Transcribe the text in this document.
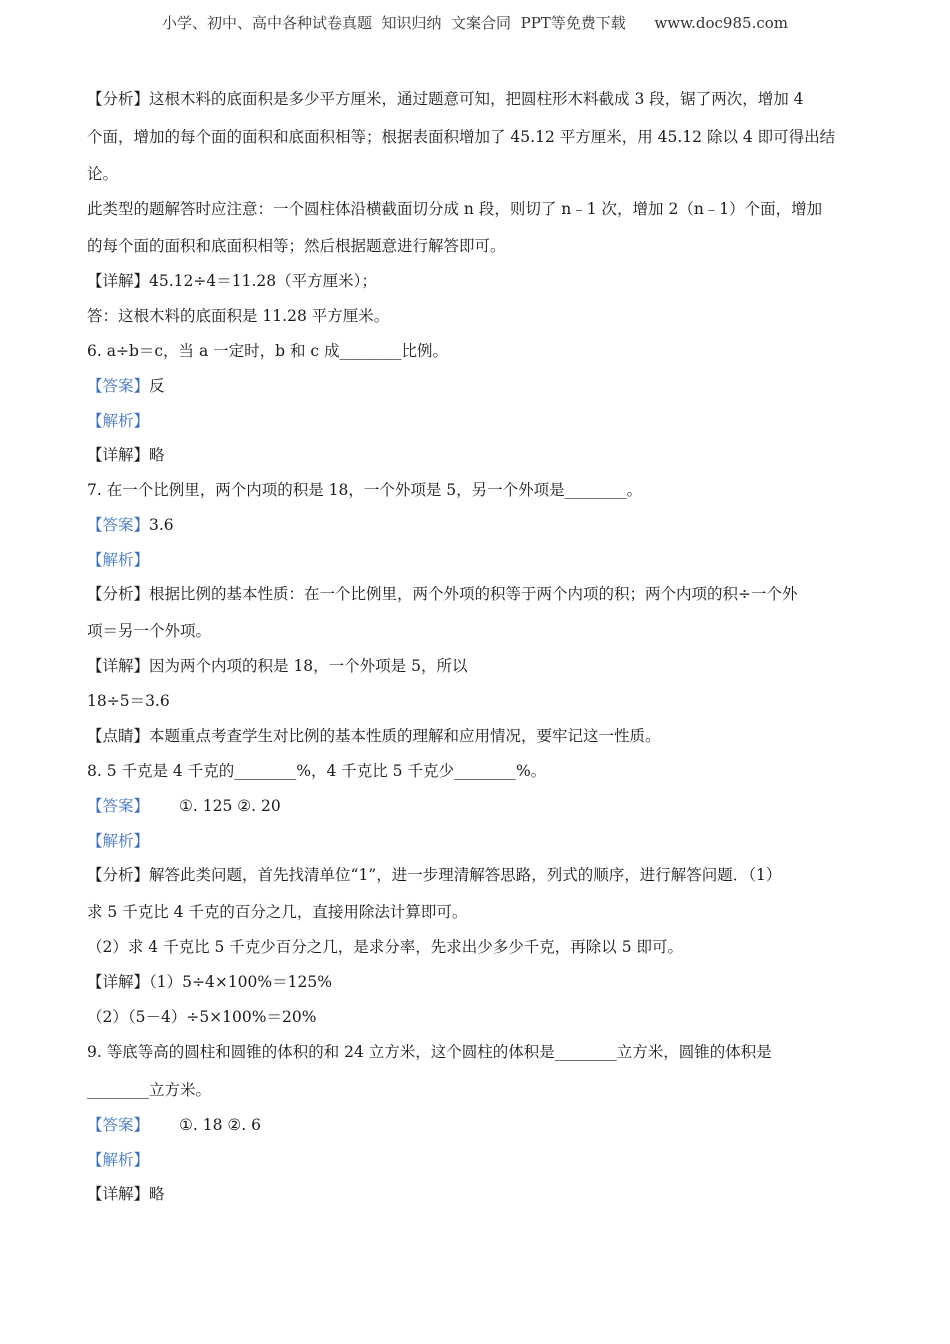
小学、初中、高中各种试卷真题  知识归纳  文案合同  PPT等免费下载      www.doc985.com
【分析】这根木料的底面积是多少平方厘米，通过题意可知，把圆柱形木料截成 3 段，锯了两次，增加 4
个面，增加的每个面的面积和底面积相等；根据表面积增加了 45.12 平方厘米，用 45.12 除以 4 即可得出结
论。
此类型的题解答时应注意：一个圆柱体沿横截面切分成 n 段，则切了 n﹣1 次，增加 2（n﹣1）个面，增加
的每个面的面积和底面积相等；然后根据题意进行解答即可。
【详解】45.12÷4＝11.28（平方厘米）；
答：这根木料的底面积是 11.28 平方厘米。
6. a÷b＝c，当 a 一定时，b 和 c 成________比例。
【答案】反
【解析】
【详解】略
7. 在一个比例里，两个内项的积是 18，一个外项是 5，另一个外项是________。
【答案】3.6
【解析】
【分析】根据比例的基本性质：在一个比例里，两个外项的积等于两个内项的积；两个内项的积÷一个外
项＝另一个外项。
【详解】因为两个内项的积是 18，一个外项是 5，所以
18÷5＝3.6
【点睛】本题重点考查学生对比例的基本性质的理解和应用情况，要牢记这一性质。
8. 5 千克是 4 千克的________%，4 千克比 5 千克少________%。
【答案】 ①. 125 ②. 20
【解析】
【分析】解答此类问题，首先找清单位“1”，进一步理清解答思路，列式的顺序，进行解答问题．（1）
求 5 千克比 4 千克的百分之几，直接用除法计算即可。
（2）求 4 千克比 5 千克少百分之几，是求分率，先求出少多少千克，再除以 5 即可。
【详解】（1）5÷4×100%＝125%
（2）（5－4）÷5×100%＝20%
9. 等底等高的圆柱和圆锥的体积的和 24 立方米，这个圆柱的体积是________立方米，圆锥的体积是
________立方米。
【答案】 ①. 18 ②. 6
【解析】
【详解】略
